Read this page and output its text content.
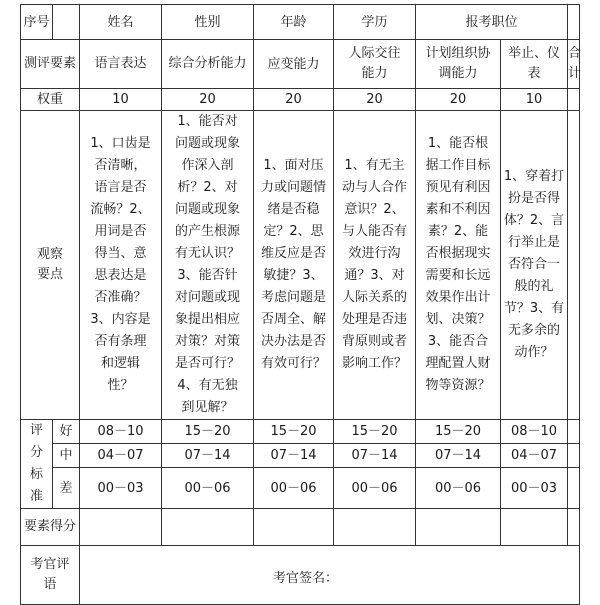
序号		姓名	性别	年龄	学历	报考职位		

测评要素		语言表达	综合分析能力	应变能力	人际交往能力	计划组织协调能力	举止、仪表	合计

权重		10	20	20	20	20	10	

观察要点		1、口齿是否清晰，语言是否流畅？2、用词是否得当、意思表达是否准确？3、内容是否有条理和逻辑性？	1、能否对问题或现象作深入剖析？2、对问题或现象的产生根源有无认识？3、能否针对问题或现象提出相应对策？对策是否可行？4、有无独到见解？	1、面对压力或问题情绪是否稳定？2、思维反应是否敏捷？3、考虑问题是否周全、解决办法是否有效可行？	1、有无主动与人合作意识？2、与人能否有效进行沟通？3、对人际关系的处理是否违背原则或者影响工作？	1、能否根据工作目标预见有利因素和不利因素？2、能否根据现实需要和长远效果作出计划、决策？3、能否合理配置人财物等资源？	1、穿着打扮是否得体？2、言行举止是否符合一般的礼节？3、有无多余的动作？	

评分标准	好	08－10	15－20	15－20	15－20	15－20	08－10	
	中	04－07	07－14	07－14	07－14	07－14	04－07	
	差	00－03	00－06	00－06	00－06	00－06	00－03	

要素得分								

考官评语								
		考官签名：
